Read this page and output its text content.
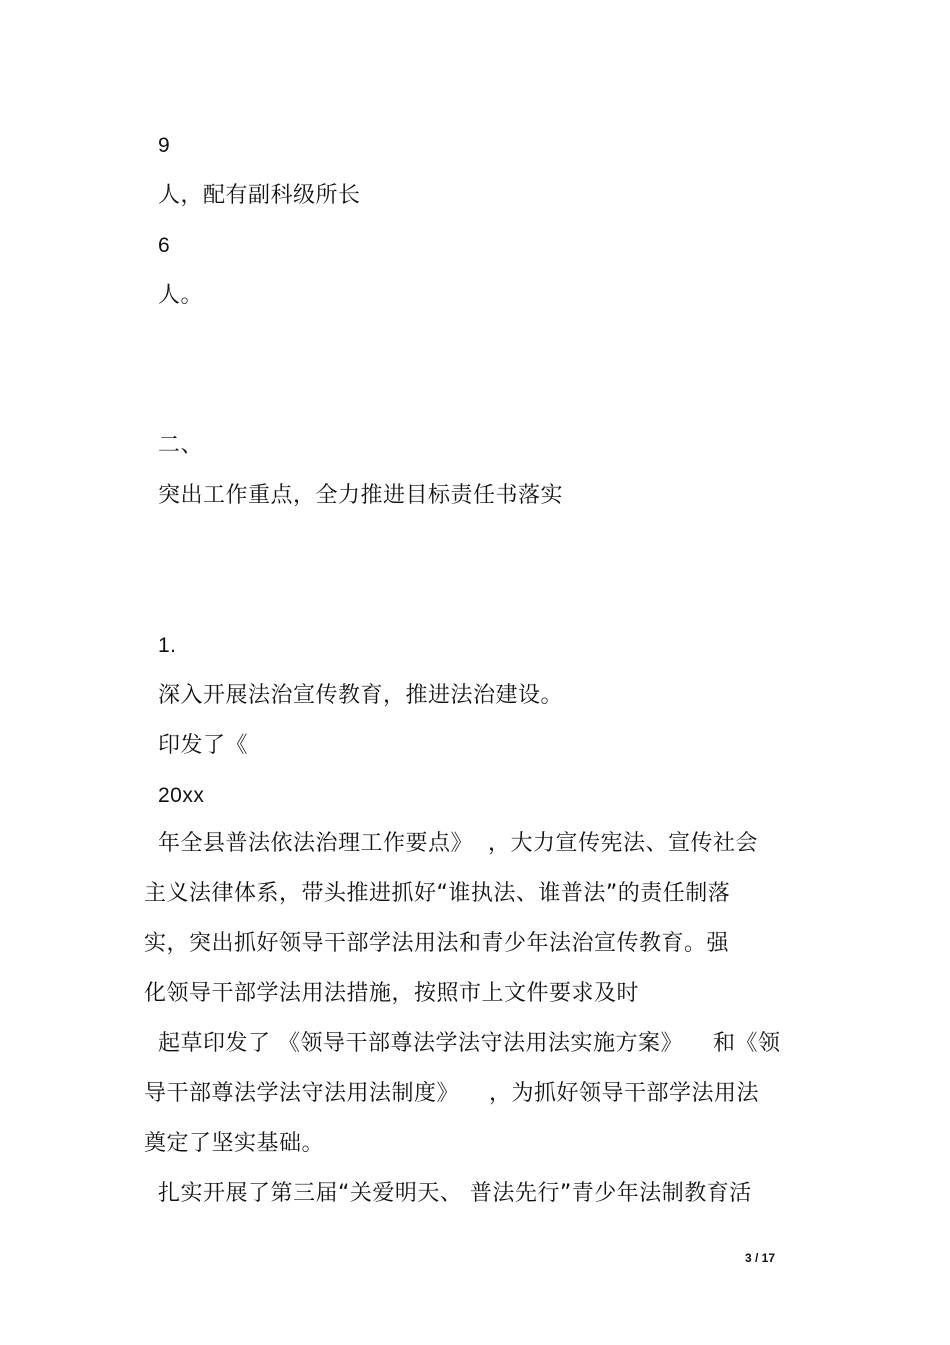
9
人，配有副科级所长
6
人。
二、
突出工作重点，全力推进目标责任书落实
1.
深入开展法治宣传教育，推进法治建设。
印发了《
20xx
年全县普法依法治理工作要点》  ，大力宣传宪法、宣传社会
主义法律体系，带头推进抓好“谁执法、谁普法”的责任制落
实，突出抓好领导干部学法用法和青少年法治宣传教育。强
化领导干部学法用法措施，按照市上文件要求及时
起草印发了 《领导干部尊法学法守法用法实施方案》    和《领
导干部尊法学法守法用法制度》    ，为抓好领导干部学法用法
奠定了坚实基础。
扎实开展了第三届“关爱明天、 普法先行”青少年法制教育活
3 / 17
